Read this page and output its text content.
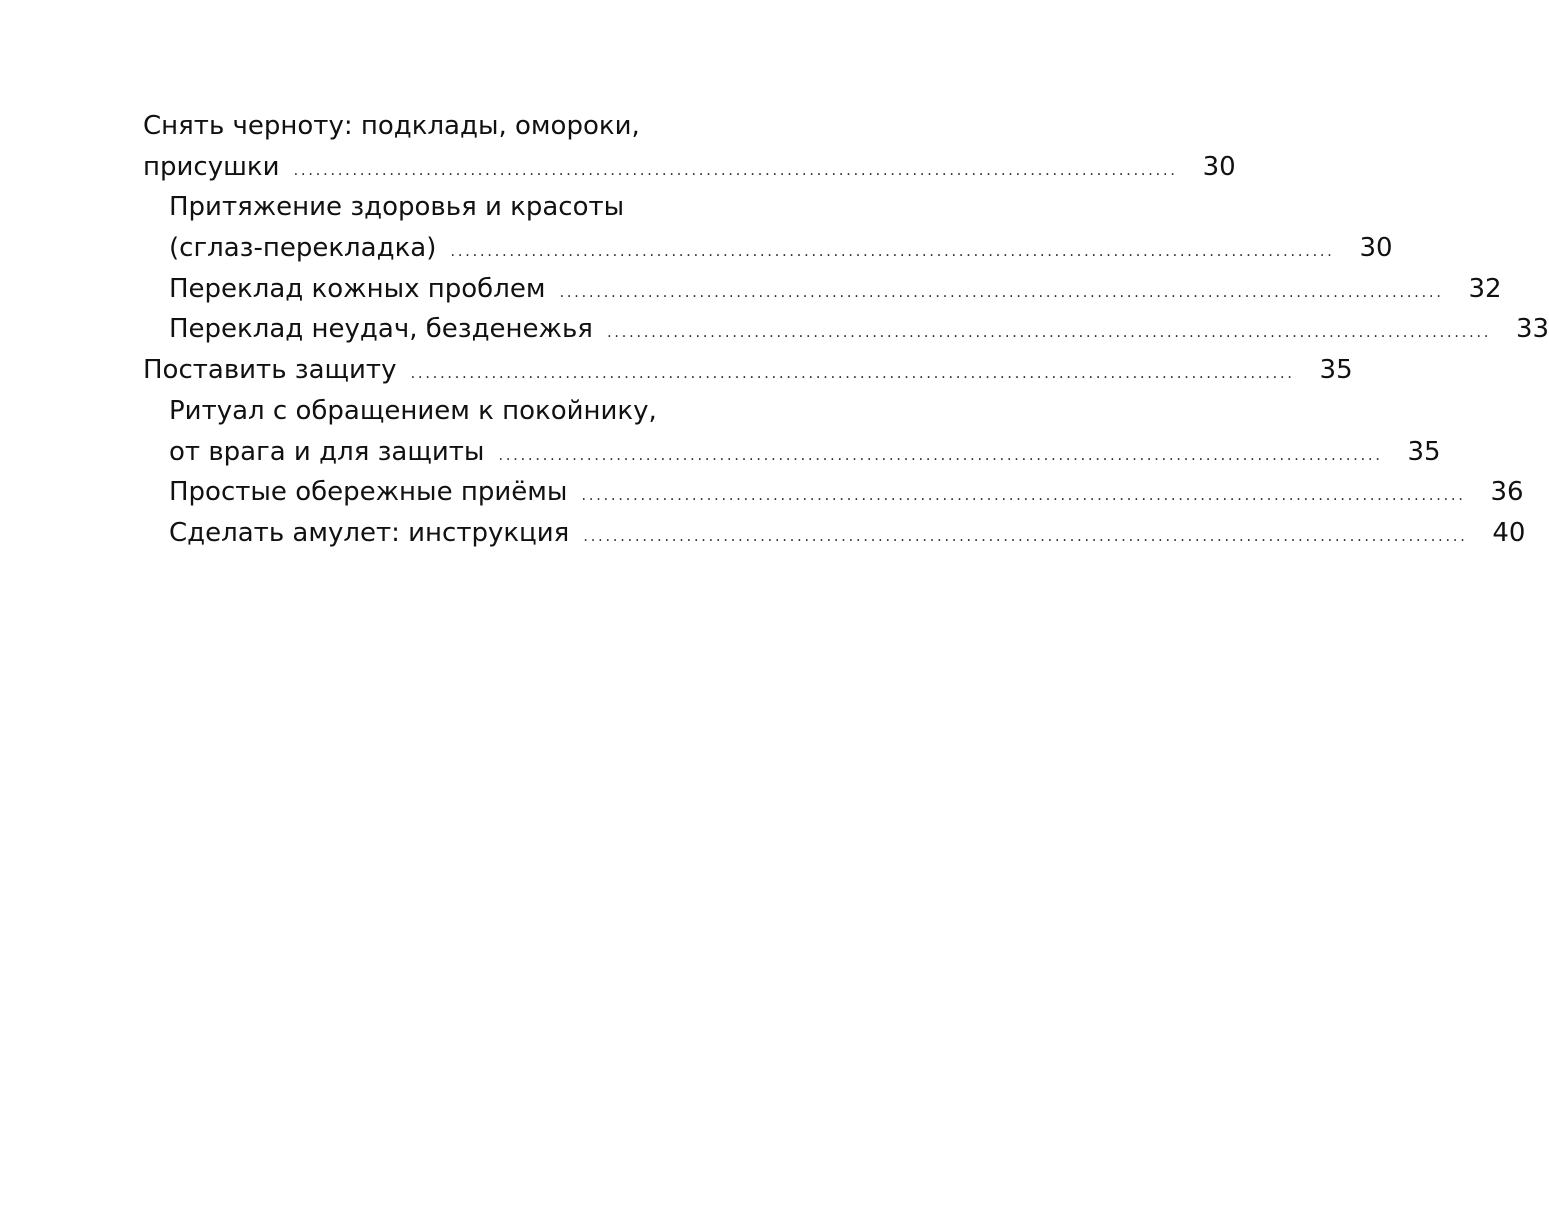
Снять черноту: подклады, омороки,
присушки ........................................................................................................................ 30
Притяжение здоровья и красоты
(сглаз-перекладка) ........................................................................................................................ 30
Переклад кожных проблем ........................................................................................................................ 32
Переклад неудач, безденежья ........................................................................................................................ 33
Поставить защиту ........................................................................................................................ 35
Ритуал с обращением к покойнику,
от врага и для защиты ........................................................................................................................ 35
Простые обережные приёмы ........................................................................................................................ 36
Сделать амулет: инструкция ........................................................................................................................ 40
